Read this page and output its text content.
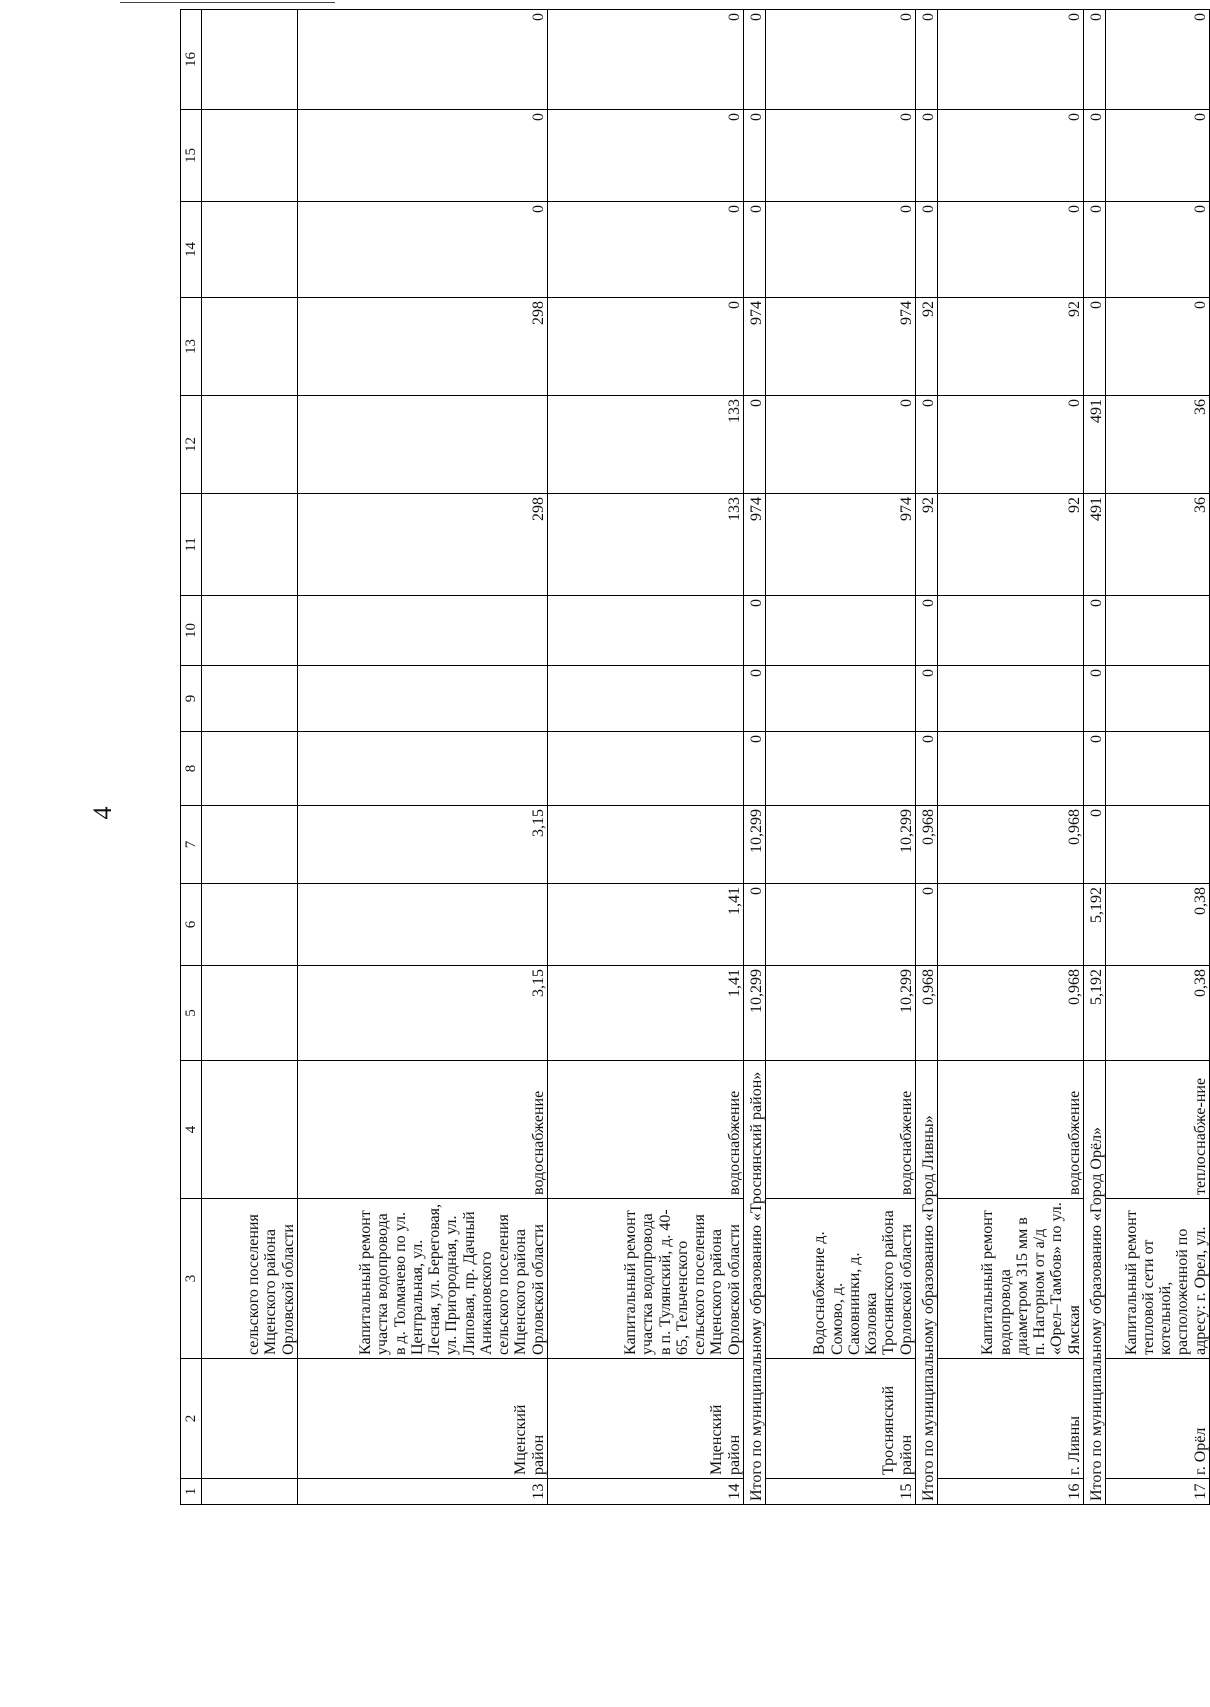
4
1	2	3	4	5	6	7	8	9	10	11	12	13	14	15	16
		сельского поселения Мценского района Орловской области													
13	Мценский район	Капитальный ремонт участка водопровода в д. Толмачево по ул. Центральная, ул. Лесная, ул. Береговая, ул. Пригородная, ул. Липовая, пр. Дачный Аникановского сельского поселения Мценского района Орловской области	водоснабжение	3,15		3,15				298		298	0	0	0
14	Мценский район	Капитальный ремонт участка водопровода в п. Тулянский, д. 40-65, Тельченского сельского поселения Мценского района Орловской области	водоснабжение	1,41	1,41					133	133	0	0	0	0
Итого по муниципальному образованию «Троснянский район»				10,299	0	10,299	0	0	0	974	0	974	0	0	0
15	Троснянский район	Водоснабжение д. Сомово, д. Саковнинки, д. Козловка Троснянского района Орловской области	водоснабжение	10,299		10,299				974	0	974	0	0	0
Итого по муниципальному образованию «Город Ливны»				0,968	0	0,968	0	0	0	92	0	92	0	0	0
16	г. Ливны	Капитальный ремонт водопровода диаметром 315 мм в п. Нагорном от а/д «Орел–Тамбов» по ул. Ямская	водоснабжение	0,968		0,968				92	0	92	0	0	0
Итого по муниципальному образованию «Город Орёл»				5,192	5,192	0	0	0	0	491	491	0	0	0	0
17	г. Орёл	Капитальный ремонт тепловой сети от котельной, расположенной по адресу: г. Орел, ул.	теплоснабже-ние	0,38	0,38					36	36	0	0	0	0
